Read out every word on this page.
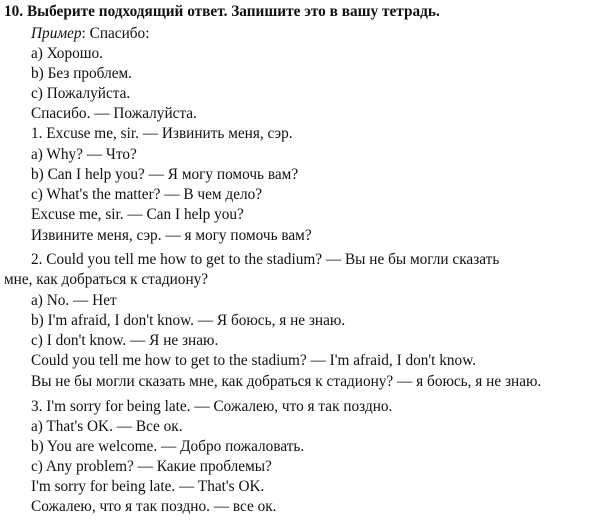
10. Выберите подходящий ответ. Запишите это в вашу тетрадь.
Пример: Спасибо:
a) Хорошо.
b) Без проблем.
c) Пожалуйста.
Спасибо. — Пожалуйста.
1. Excuse me, sir. — Извинить меня, сэр.
a) Why? — Что?
b) Can I help you? — Я могу помочь вам?
c) What's the matter? — В чем дело?
Excuse me, sir. — Can I help you?
Извините меня, сэр. — я могу помочь вам?
2. Could you tell me how to get to the stadium? — Вы не бы могли сказать
мне, как добраться к стадиону?
a) No. — Нет
b) I'm afraid, I don't know. — Я боюсь, я не знаю.
c) I don't know. — Я не знаю.
Could you tell me how to get to the stadium? — I'm afraid, I don't know.
Вы не бы могли сказать мне, как добраться к стадиону? — я боюсь, я не знаю.
3. I'm sorry for being late. — Сожалею, что я так поздно.
a) That's OK. — Все ок.
b) You are welcome. — Добро пожаловать.
c) Any problem? — Какие проблемы?
I'm sorry for being late. — That's OK.
Сожалею, что я так поздно. — все ок.
